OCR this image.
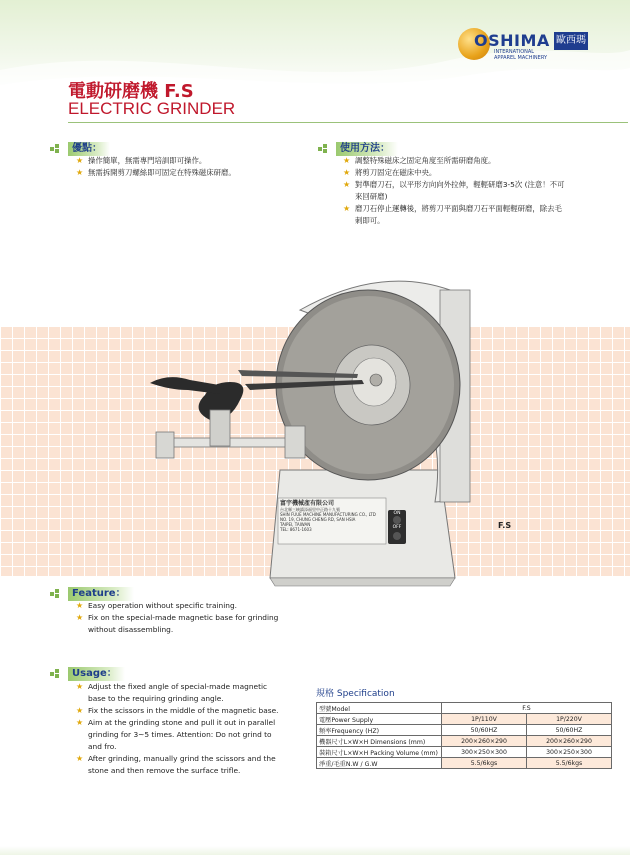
OSHIMA
INTERNATIONAL APPAREL MACHINERY
歐西瑪
電動研磨機 F.S
ELECTRIC GRINDER
優點：
★ 操作簡單，無需專門培訓即可操作。
★ 無需拆開剪刀螺絲即可固定在特殊磁床研磨。
使用方法：
★ 調整特殊磁床之固定角度至所需研磨角度。
★ 將剪刀固定在磁床中央。
★ 對準磨刀石，以平形方向向外拉伸，輕輕研磨3-5次 (注意！不可來回研磨)
★ 磨刀石停止運轉後，將剪刀平面與磨刀石平面輕輕研磨，除去毛刺即可。
富宇機械產有限公司
台北縣三峽鎮添福里中正路十九號
SHIN FUUE MACHINE MANUFACTURING CO., LTD
NO. 19, CHUNG CHENG RD, SAN HSIA
TAIPEI, TAIWAN
TEL: 8671-1603
ON
OFF	F.S
Feature：
★ Easy operation without specific training.
★ Fix on the special-made magnetic base for grinding without disassembling.
Usage：
★ Adjust the fixed angle of special-made magnetic base to the requiring grinding angle.
★ Fix the scissors in the middle of the magnetic base.
★ Aim at the grinding stone and pull it out in parallel grinding for 3~5 times. Attention: Do not grind to and fro.
★ After grinding, manually grind the scissors and the stone and then remove the surface trifle.
規格 Specification
型號Model	F.S	
電壓Power Supply	1P/110V	1P/220V
頻率Frequency (HZ)	50/60HZ	50/60HZ
機器尺寸L×W×H Dimensions (mm)	200×260×290	200×260×290
裝箱尺寸L×W×H Packing Volume (mm)	300×250×300	300×250×300
淨重/毛重N.W / G.W	5.5/6kgs	5.5/6kgs
